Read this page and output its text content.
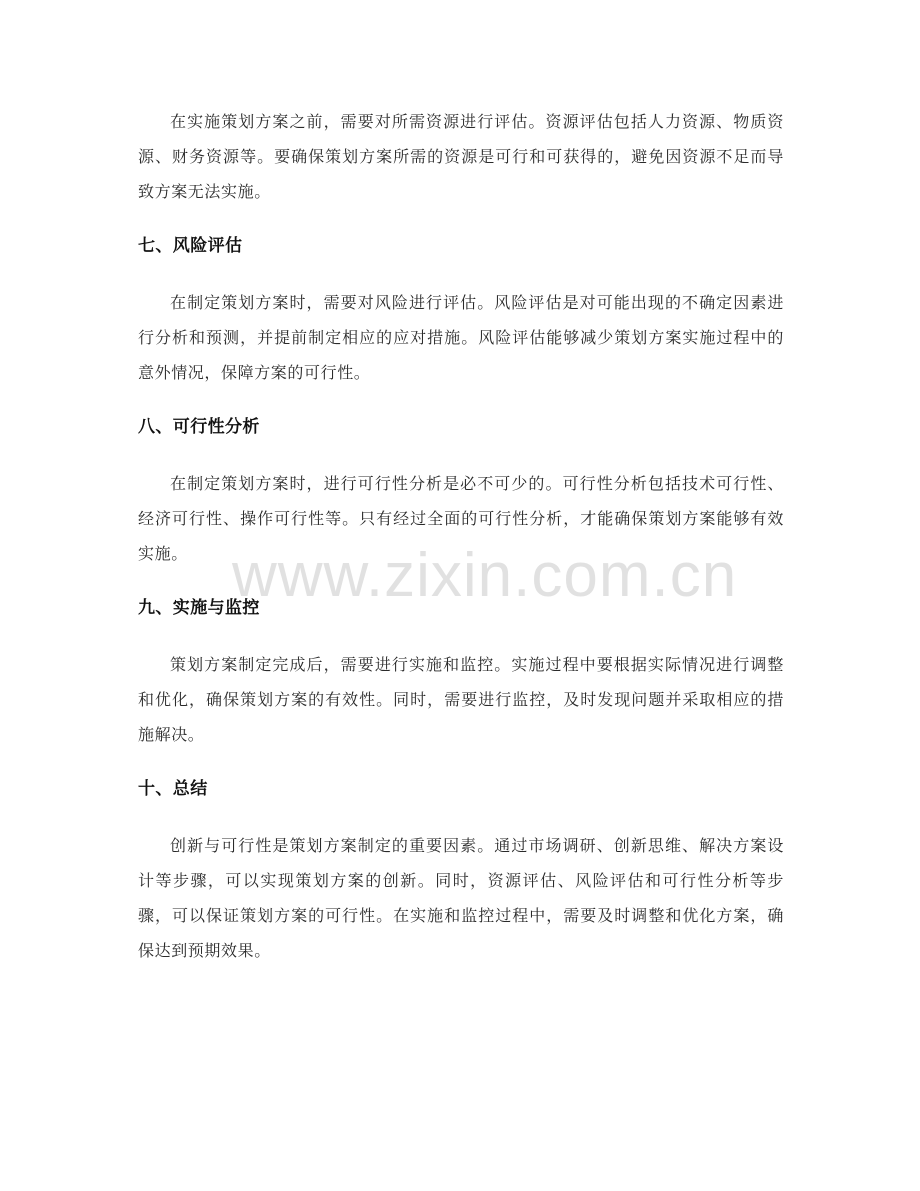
在实施策划方案之前，需要对所需资源进行评估。资源评估包括人力资源、物质资源、财务资源等。要确保策划方案所需的资源是可行和可获得的，避免因资源不足而导致方案无法实施。

七、风险评估

在制定策划方案时，需要对风险进行评估。风险评估是对可能出现的不确定因素进行分析和预测，并提前制定相应的应对措施。风险评估能够减少策划方案实施过程中的意外情况，保障方案的可行性。

八、可行性分析

在制定策划方案时，进行可行性分析是必不可少的。可行性分析包括技术可行性、经济可行性、操作可行性等。只有经过全面的可行性分析，才能确保策划方案能够有效实施。

九、实施与监控

策划方案制定完成后，需要进行实施和监控。实施过程中要根据实际情况进行调整和优化，确保策划方案的有效性。同时，需要进行监控，及时发现问题并采取相应的措施解决。

十、总结

创新与可行性是策划方案制定的重要因素。通过市场调研、创新思维、解决方案设计等步骤，可以实现策划方案的创新。同时，资源评估、风险评估和可行性分析等步骤，可以保证策划方案的可行性。在实施和监控过程中，需要及时调整和优化方案，确保达到预期效果。

www.zixin.com.cn
